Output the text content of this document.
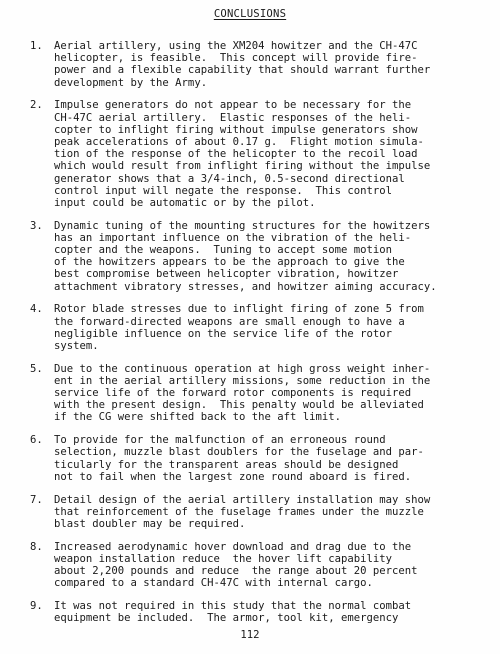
CONCLUSIONS
1.	Aerial artillery, using the XM204 howitzer and the CH-47C
helicopter, is feasible.  This concept will provide fire-
power and a flexible capability that should warrant further
development by the Army.
2.	Impulse generators do not appear to be necessary for the
CH-47C aerial artillery.  Elastic responses of the heli-
copter to inflight firing without impulse generators show
peak accelerations of about 0.17 g.  Flight motion simula-
tion of the response of the helicopter to the recoil load
which would result from inflight firing without the impulse
generator shows that a 3/4-inch, 0.5-second directional
control input will negate the response.  This control
input could be automatic or by the pilot.
3.	Dynamic tuning of the mounting structures for the howitzers
has an important influence on the vibration of the heli-
copter and the weapons.  Tuning to accept some motion
of the howitzers appears to be the approach to give the
best compromise between helicopter vibration, howitzer
attachment vibratory stresses, and howitzer aiming accuracy.
4.	Rotor blade stresses due to inflight firing of zone 5 from
the forward-directed weapons are small enough to have a
negligible influence on the service life of the rotor
system.
5.	Due to the continuous operation at high gross weight inher-
ent in the aerial artillery missions, some reduction in the
service life of the forward rotor components is required
with the present design.  This penalty would be alleviated
if the CG were shifted back to the aft limit.
6.	To provide for the malfunction of an erroneous round
selection, muzzle blast doublers for the fuselage and par-
ticularly for the transparent areas should be designed
not to fail when the largest zone round aboard is fired.
7.	Detail design of the aerial artillery installation may show
that reinforcement of the fuselage frames under the muzzle
blast doubler may be required.
8.	Increased aerodynamic hover download and drag due to the
weapon installation reduce  the hover lift capability
about 2,200 pounds and reduce  the range about 20 percent
compared to a standard CH-47C with internal cargo.
9.	It was not required in this study that the normal combat
equipment be included.  The armor, tool kit, emergency
112
